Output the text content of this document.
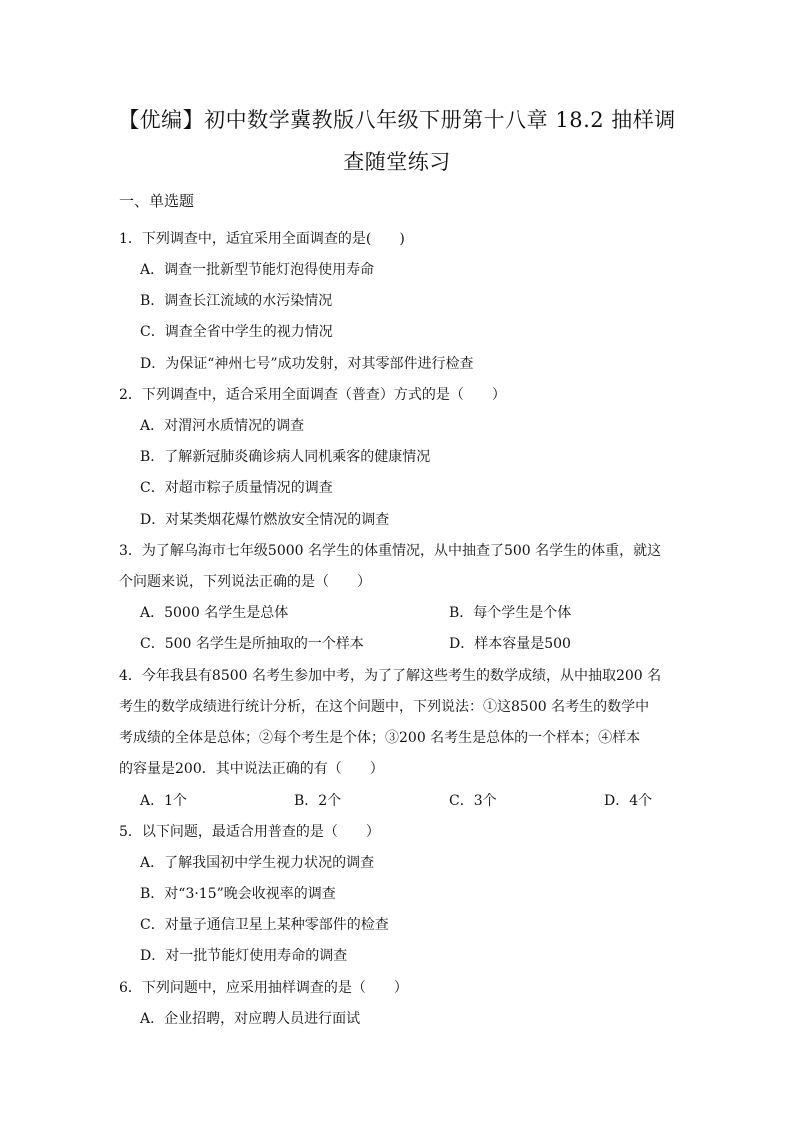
【优编】初中数学冀教版八年级下册第十八章 18.2 抽样调
查随堂练习
一、单选题
1．下列调查中，适宜采用全面调查的是(　　)
A．调查一批新型节能灯泡得使用寿命
B．调查长江流域的水污染情况
C．调查全省中学生的视力情况
D．为保证“神州七号”成功发射，对其零部件进行检查
2．下列调查中，适合采用全面调查（普查）方式的是（　　）
A．对渭河水质情况的调查
B．了解新冠肺炎确诊病人同机乘客的健康情况
C．对超市粽子质量情况的调查
D．对某类烟花爆竹燃放安全情况的调查
3．为了解乌海市七年级5000 名学生的体重情况，从中抽查了500 名学生的体重，就这
个问题来说，下列说法正确的是（　　）
A．5000 名学生是总体	B．每个学生是个体
C．500 名学生是所抽取的一个样本	D．样本容量是500
4．今年我县有8500 名考生参加中考，为了了解这些考生的数学成绩，从中抽取200 名
考生的数学成绩进行统计分析，在这个问题中，下列说法：①这8500 名考生的数学中
考成绩的全体是总体；②每个考生是个体；③200 名考生是总体的一个样本；④样本
的容量是200．其中说法正确的有（　　）
A．1个	B．2个	C．3个	D．4个
5．以下问题，最适合用普查的是（　　）
A．了解我国初中学生视力状况的调查
B．对“3·15”晚会收视率的调查
C．对量子通信卫星上某种零部件的检查
D．对一批节能灯使用寿命的调查
6．下列问题中，应采用抽样调查的是（　　）
A．企业招聘，对应聘人员进行面试
